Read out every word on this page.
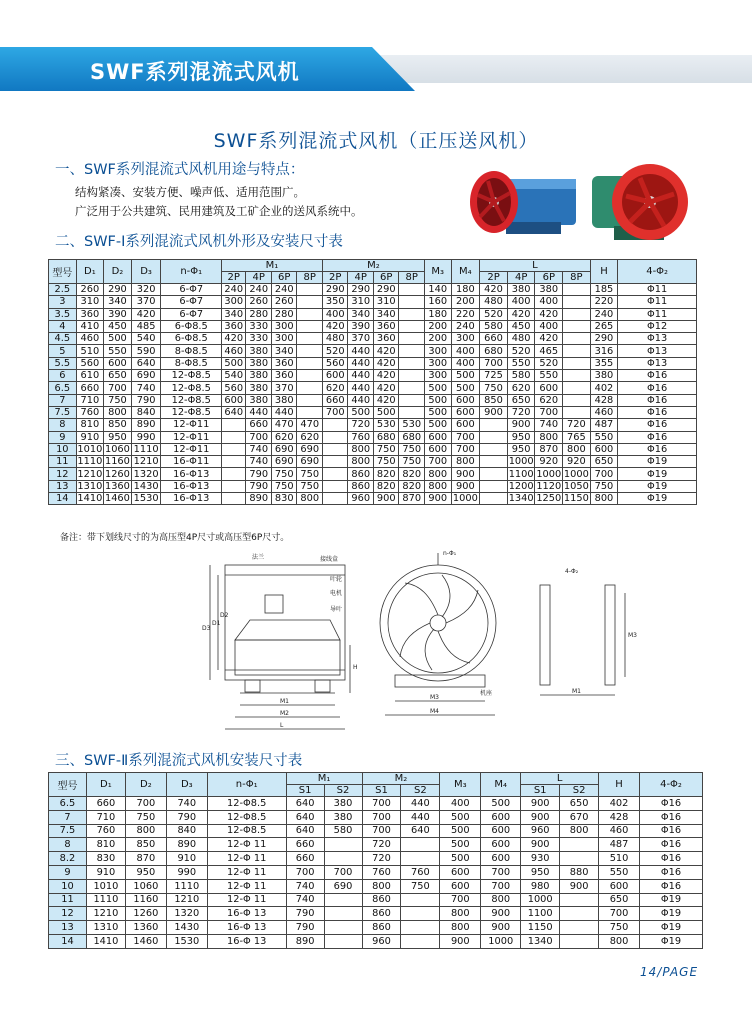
SWF系列混流式风机
SWF系列混流式风机（正压送风机）
一、SWF系列混流式风机用途与特点：
结构紧凑、安装方便、噪声低、适用范围广。
广泛用于公共建筑、民用建筑及工矿企业的送风系统中。
二、SWF-Ⅰ系列混流式风机外形及安装尺寸表
型号	D₁	D₂	D₃	n-Φ₁	M₁				M₂				M₃	M₄	L				H	4-Φ₂
					2P	4P	6P	8P	2P	4P	6P	8P			2P	4P	6P	8P		
2.5	260	290	320	6-Φ7	240	240	240		290	290	290		140	180	420	380	380		185	Φ11
3	310	340	370	6-Φ7	300	260	260		350	310	310		160	200	480	400	400		220	Φ11
3.5	360	390	420	6-Φ7	340	280	280		400	340	340		180	220	520	420	420		240	Φ11
4	410	450	485	6-Φ8.5	360	330	300		420	390	360		200	240	580	450	400		265	Φ12
4.5	460	500	540	6-Φ8.5	420	330	300		480	370	360		200	300	660	480	420		290	Φ13
5	510	550	590	8-Φ8.5	460	380	340		520	440	420		300	400	680	520	465		316	Φ13
5.5	560	600	640	8-Φ8.5	500	380	360		560	440	420		300	400	700	550	520		355	Φ13
6	610	650	690	12-Φ8.5	540	380	360		600	440	420		300	500	725	580	550		380	Φ16
6.5	660	700	740	12-Φ8.5	560	380	370		620	440	420		500	500	750	620	600		402	Φ16
7	710	750	790	12-Φ8.5	600	380	380		660	440	420		500	600	850	650	620		428	Φ16
7.5	760	800	840	12-Φ8.5	640	440	440		700	500	500		500	600	900	720	700		460	Φ16
8	810	850	890	12-Φ11		660	470	470		720	530	530	500	600		900	740	720	487	Φ16
9	910	950	990	12-Φ11		700	620	620		760	680	680	600	700		950	800	765	550	Φ16
10	1010	1060	1110	12-Φ11		740	690	690		800	750	750	600	700		950	870	800	600	Φ16
11	1110	1160	1210	16-Φ11		740	690	690		800	750	750	700	800		1000	920	920	650	Φ19
12	1210	1260	1320	16-Φ13		790	750	750		860	820	820	800	900		1100	1000	1000	700	Φ19
13	1310	1360	1430	16-Φ13		790	750	750		860	820	820	800	900		1200	1120	1050	750	Φ19
14	1410	1460	1530	16-Φ13		890	830	800		960	900	870	900	1000		1340	1250	1150	800	Φ19
备注：带下划线尺寸的为高压型4P尺寸或高压型6P尺寸。
法兰	接线盒
叶轮
电机
导叶
机座
n-Φ₁
4-Φ₂
D3
D1
D2
H
M1
M2
M3
M4
L
M3
M1
三、SWF-Ⅱ系列混流式风机安装尺寸表
型号	D₁	D₂	D₃	n-Φ₁	M₁		M₂		M₃	M₄	L		H	4-Φ₂
					S1	S2	S1	S2			S1	S2		
6.5	660	700	740	12-Φ8.5	640	380	700	440	400	500	900	650	402	Φ16
7	710	750	790	12-Φ8.5	640	380	700	440	500	600	900	670	428	Φ16
7.5	760	800	840	12-Φ8.5	640	580	700	640	500	600	960	800	460	Φ16
8	810	850	890	12-Φ 11	660		720		500	600	900		487	Φ16
8.2	830	870	910	12-Φ 11	660		720		500	600	930		510	Φ16
9	910	950	990	12-Φ 11	700	700	760	760	600	700	950	880	550	Φ16
10	1010	1060	1110	12-Φ 11	740	690	800	750	600	700	980	900	600	Φ16
11	1110	1160	1210	12-Φ 11	740		860		700	800	1000		650	Φ19
12	1210	1260	1320	16-Φ 13	790		860		800	900	1100		700	Φ19
13	1310	1360	1430	16-Φ 13	790		860		800	900	1150		750	Φ19
14	1410	1460	1530	16-Φ 13	890		960		900	1000	1340		800	Φ19
14/PAGE
